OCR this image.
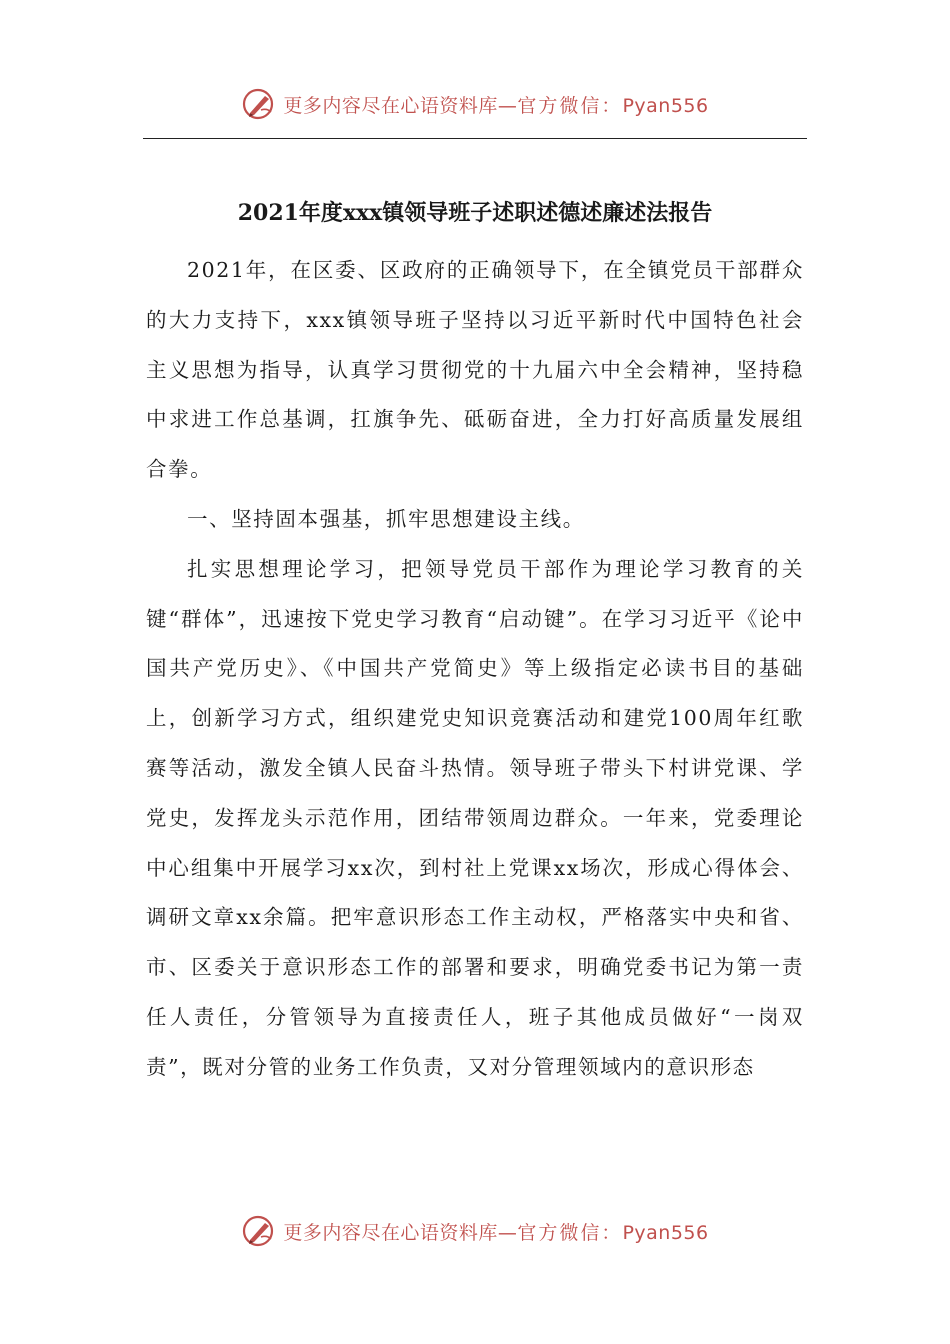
更多内容尽在心语资料库—官方微信：Pyan556
2021年度xxx镇领导班子述职述德述廉述法报告

2021年，在区委、区政府的正确领导下，在全镇党员干部群众的大力支持下，xxx镇领导班子坚持以习近平新时代中国特色社会主义思想为指导，认真学习贯彻党的十九届六中全会精神，坚持稳中求进工作总基调，扛旗争先、砥砺奋进，全力打好高质量发展组合拳。

一、坚持固本强基，抓牢思想建设主线。

扎实思想理论学习，把领导党员干部作为理论学习教育的关键“群体”，迅速按下党史学习教育“启动键”。在学习习近平《论中国共产党历史》、《中国共产党简史》等上级指定必读书目的基础上，创新学习方式，组织建党史知识竞赛活动和建党100周年红歌赛等活动，激发全镇人民奋斗热情。领导班子带头下村讲党课、学党史，发挥龙头示范作用，团结带领周边群众。一年来，党委理论中心组集中开展学习xx次，到村社上党课xx场次，形成心得体会、调研文章xx余篇。把牢意识形态工作主动权，严格落实中央和省、市、区委关于意识形态工作的部署和要求，明确党委书记为第一责任人责任，分管领导为直接责任人，班子其他成员做好“一岗双责”，既对分管的业务工作负责，又对分管理领域内的意识形态

更多内容尽在心语资料库—官方微信：Pyan556
